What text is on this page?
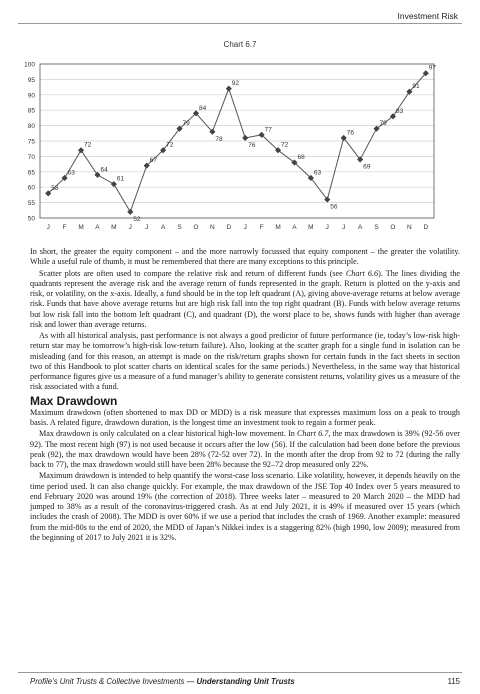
Investment Risk
Chart 6.7
50
55
60
65
70
75
80
85
90
95
100
J F M A M J J A S O N D J F M A M J J A S O N D
58
63
72
64
61
52
67
72
79
84
78
92
76
77
72
68
63
56
76
69
79
83
91
97

In short, the greater the equity component – and the more narrowly focussed that equity component – the greater the volatility. While a useful rule of thumb, it must be remembered that there are many exceptions to this principle.

Scatter plots are often used to compare the relative risk and return of different funds (see Chart 6.6). The lines dividing the quadrants represent the average risk and the average return of funds represented in the graph. Return is plotted on the y-axis and risk, or volatility, on the x-axis. Ideally, a fund should be in the top left quadrant (A), giving above-average returns at below average risk. Funds that have above average returns but are high risk fall into the top right quadrant (B). Funds with below average returns but low risk fall into the bottom left quadrant (C), and quadrant (D), the worst place to be, shows funds with higher than average risk and lower than average returns.

As with all historical analysis, past performance is not always a good predictor of future performance (ie, today’s low-risk high-return star may be tomorrow’s high-risk low-return failure). Also, looking at the scatter graph for a single fund in isolation can be misleading (and for this reason, an attempt is made on the risk/return graphs shown for certain funds in the fact sheets in section two of this Handbook to plot scatter charts on identical scales for the same periods.) Nevertheless, in the same way that historical performance figures give us a measure of a fund manager’s ability to generate consistent returns, volatility gives us a measure of the risk associated with a fund.

Max Drawdown

Maximum drawdown (often shortened to max DD or MDD) is a risk measure that expresses maximum loss on a peak to trough basis. A related figure, drawdown duration, is the longest time an investment took to regain a former peak.

Max drawdown is only calculated on a clear historical high-low movement. In Chart 6.7, the max drawdown is 39% (92-56 over 92). The most recent high (97) is not used because it occurs after the low (56). If the calculation had been done before the previous peak (92), the max drawdown would have been 28% (72-52 over 72). In the month after the drop from 92 to 72 (during the rally back to 77), the max drawdown would still have been 28% because the 92–72 drop measured only 22%.

Maximum drawdown is intended to help quantify the worst-case loss scenario. Like volatility, however, it depends heavily on the time period used. It can also change quickly. For example, the max drawdown of the JSE Top 40 Index over 5 years measured to end February 2020 was around 19% (the correction of 2018). Three weeks later – measured to 20 March 2020 – the MDD had jumped to 38% as a result of the coronavirus-triggered crash. As at end July 2021, it is 49% if measured over 15 years (which includes the crash of 2008). The MDD is over 60% if we use a period that includes the crash of 1969. Another example: measured from the mid-80s to the end of 2020, the MDD of Japan’s Nikkei index is a staggering 82% (high 1990, low 2009); measured from the beginning of 2017 to July 2021 it is 32%.

Profile’s Unit Trusts & Collective Investments — Understanding Unit Trusts	115
